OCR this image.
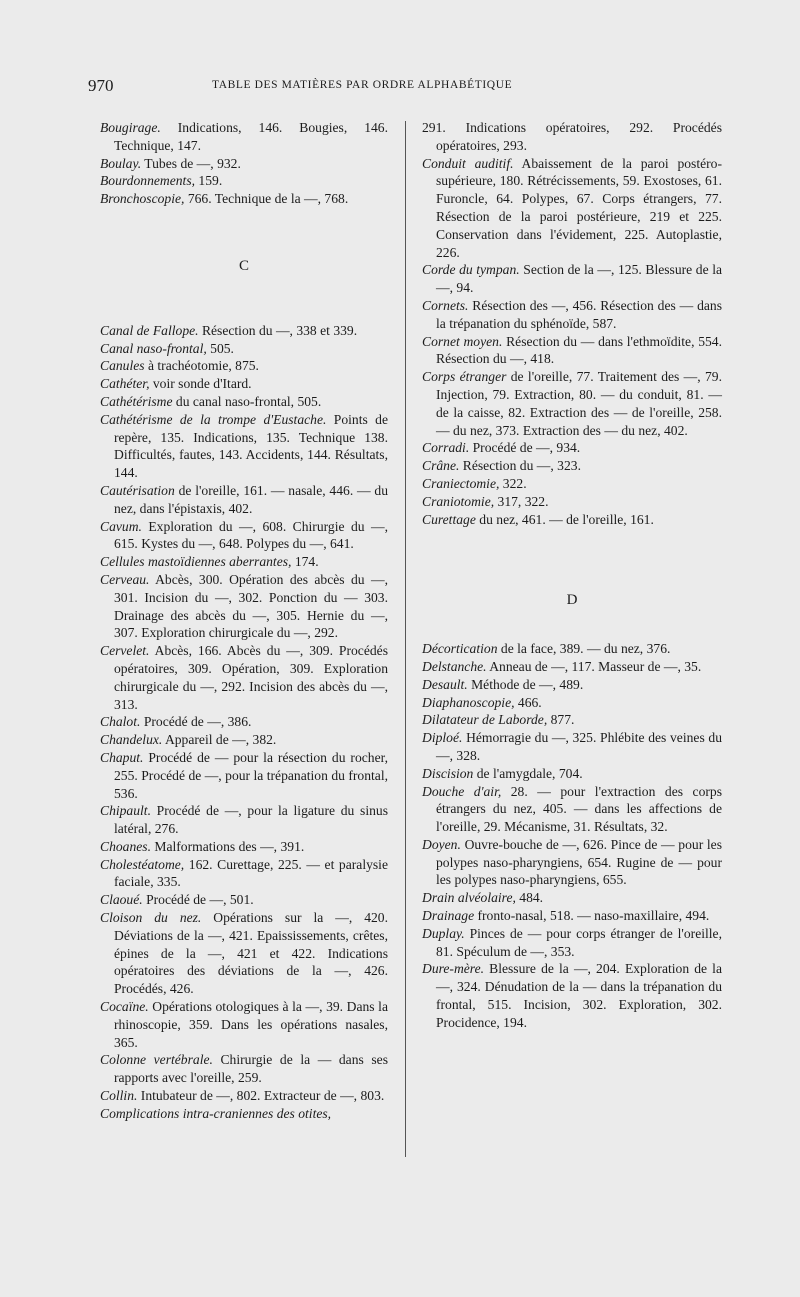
970	TABLE DES MATIÈRES PAR ORDRE ALPHABÉTIQUE
Bougirage. Indications, 146. Bougies, 146. Technique, 147.
Boulay. Tubes de —, 932.
Bourdonnements, 159.
Bronchoscopie, 766. Technique de la —, 768.
C
Canal de Fallope. Résection du —, 338 et 339.
Canal naso-frontal, 505.
Canules à trachéotomie, 875.
Cathéter, voir sonde d'Itard.
Cathétérisme du canal naso-frontal, 505.
Cathétérisme de la trompe d'Eustache. Points de repère, 135. Indications, 135. Technique 138. Difficultés, fautes, 143. Accidents, 144. Résultats, 144.
Cautérisation de l'oreille, 161. — nasale, 446. — du nez, dans l'épistaxis, 402.
Cavum. Exploration du —, 608. Chirurgie du —, 615. Kystes du —, 648. Polypes du —, 641.
Cellules mastoïdiennes aberrantes, 174.
Cerveau. Abcès, 300. Opération des abcès du —, 301. Incision du —, 302. Ponction du — 303. Drainage des abcès du —, 305. Hernie du —, 307. Exploration chirurgicale du —, 292.
Cervelet. Abcès, 166. Abcès du —, 309. Procédés opératoires, 309. Opération, 309. Exploration chirurgicale du —, 292. Incision des abcès du —, 313.
Chalot. Procédé de —, 386.
Chandelux. Appareil de —, 382.
Chaput. Procédé de — pour la résection du rocher, 255. Procédé de —, pour la trépanation du frontal, 536.
Chipault. Procédé de —, pour la ligature du sinus latéral, 276.
Choanes. Malformations des —, 391.
Cholestéatome, 162. Curettage, 225. — et paralysie faciale, 335.
Claoué. Procédé de —, 501.
Cloison du nez. Opérations sur la —, 420. Déviations de la —, 421. Epaississements, crêtes, épines de la —, 421 et 422. Indications opératoires des déviations de la —, 426. Procédés, 426.
Cocaïne. Opérations otologiques à la —, 39. Dans la rhinoscopie, 359. Dans les opérations nasales, 365.
Colonne vertébrale. Chirurgie de la — dans ses rapports avec l'oreille, 259.
Collin. Intubateur de —, 802. Extracteur de —, 803.
Complications intra-craniennes des otites,
291. Indications opératoires, 292. Procédés opératoires, 293.
Conduit auditif. Abaissement de la paroi postéro-supérieure, 180. Rétrécissements, 59. Exostoses, 61. Furoncle, 64. Polypes, 67. Corps étrangers, 77. Résection de la paroi postérieure, 219 et 225. Conservation dans l'évidement, 225. Autoplastie, 226.
Corde du tympan. Section de la —, 125. Blessure de la —, 94.
Cornets. Résection des —, 456. Résection des — dans la trépanation du sphénoïde, 587.
Cornet moyen. Résection du — dans l'ethmoïdite, 554. Résection du —, 418.
Corps étranger de l'oreille, 77. Traitement des —, 79. Injection, 79. Extraction, 80. — du conduit, 81. — de la caisse, 82. Extraction des — de l'oreille, 258. — du nez, 373. Extraction des — du nez, 402.
Corradi. Procédé de —, 934.
Crâne. Résection du —, 323.
Craniectomie, 322.
Craniotomie, 317, 322.
Curettage du nez, 461. — de l'oreille, 161.
D
Décortication de la face, 389. — du nez, 376.
Delstanche. Anneau de —, 117. Masseur de —, 35.
Desault. Méthode de —, 489.
Diaphanoscopie, 466.
Dilatateur de Laborde, 877.
Diploé. Hémorragie du —, 325. Phlébite des veines du —, 328.
Discision de l'amygdale, 704.
Douche d'air, 28. — pour l'extraction des corps étrangers du nez, 405. — dans les affections de l'oreille, 29. Mécanisme, 31. Résultats, 32.
Doyen. Ouvre-bouche de —, 626. Pince de — pour les polypes naso-pharyngiens, 654. Rugine de — pour les polypes naso-pharyngiens, 655.
Drain alvéolaire, 484.
Drainage fronto-nasal, 518. — naso-maxillaire, 494.
Duplay. Pinces de — pour corps étranger de l'oreille, 81. Spéculum de —, 353.
Dure-mère. Blessure de la —, 204. Exploration de la —, 324. Dénudation de la — dans la trépanation du frontal, 515. Incision, 302. Exploration, 302. Procidence, 194.
